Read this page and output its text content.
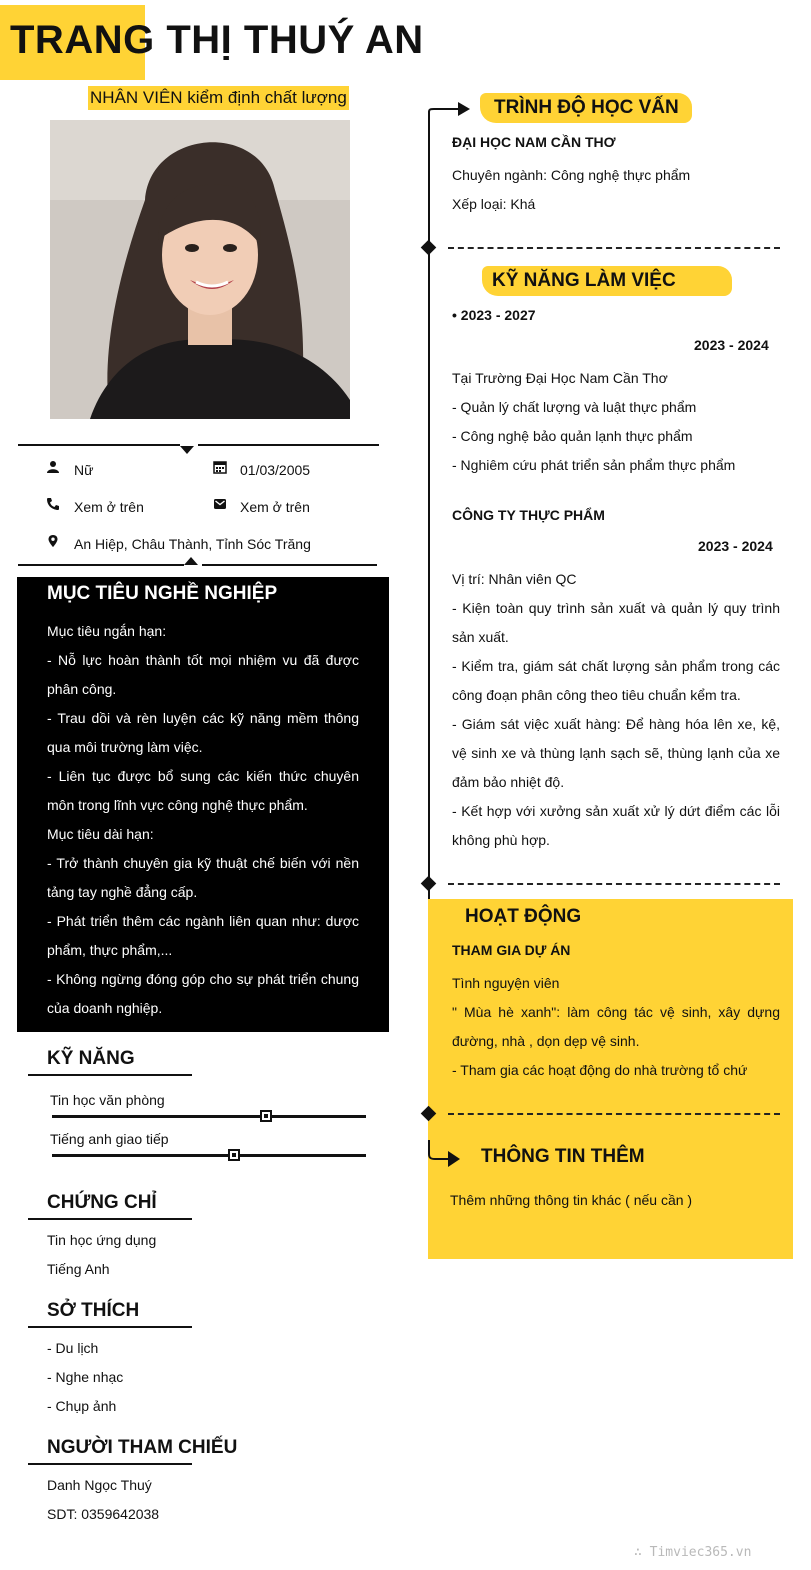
TRANG THỊ THUÝ AN
NHÂN VIÊN kiểm định chất lượng
Nữ	01/03/2005
Xem ở trên	Xem ở trên
An Hiệp, Châu Thành, Tỉnh Sóc Trăng
MỤC TIÊU NGHỀ NGHIỆP
Mục tiêu ngắn hạn:
- Nỗ lực hoàn thành tốt mọi nhiệm vu đã được phân công.
- Trau dồi và rèn luyện các kỹ năng mềm thông qua môi trường làm việc.
- Liên tục được bổ sung các kiến thức chuyên môn trong lĩnh vực công nghệ thực phẩm.
Mục tiêu dài hạn:
- Trở thành chuyên gia kỹ thuật chế biến với nền tảng tay nghề đẳng cấp.
- Phát triển thêm các ngành liên quan như: dược phẩm, thực phẩm,...
- Không ngừng đóng góp cho sự phát triển chung của doanh nghiệp.
KỸ NĂNG
Tin học văn phòng
Tiếng anh giao tiếp
CHỨNG CHỈ
Tin học ứng dụng
Tiếng Anh
SỞ THÍCH
- Du lịch
- Nghe nhạc
- Chụp ảnh
NGƯỜI THAM CHIẾU
Danh Ngọc Thuý
SDT: 0359642038
TRÌNH ĐỘ HỌC VẤN
ĐẠI HỌC NAM CẦN THƠ
Chuyên ngành: Công nghệ thực phẩm
Xếp loại: Khá
KỸ NĂNG LÀM VIỆC
• 2023 - 2027
2023 - 2024
Tại Trường Đại Học Nam Cần Thơ
- Quản lý chất lượng và luật thực phẩm
- Công nghệ bảo quản lạnh thực phẩm
- Nghiêm cứu phát triển sản phẩm thực phẩm
CÔNG TY THỰC PHẨM
2023 - 2024
Vị trí: Nhân viên QC
- Kiện toàn quy trình sản xuất và quản lý quy trình sản xuất.
- Kiểm tra, giám sát chất lượng sản phẩm trong các công đoạn phân công theo tiêu chuẩn kểm tra.
- Giám sát việc xuất hàng: Để hàng hóa lên xe, kệ, vệ sinh xe và thùng lạnh sạch sẽ, thùng lạnh của xe đảm bảo nhiệt độ.
- Kết hợp với xưởng sản xuất xử lý dứt điểm các lỗi không phù hợp.
HOẠT ĐỘNG
THAM GIA DỰ ÁN
Tình nguyện viên
" Mùa hè xanh": làm công tác vệ sinh, xây dựng đường, nhà , dọn dẹp vệ sinh.
- Tham gia các hoạt động do nhà trường tổ chứ
THÔNG TIN THÊM
Thêm những thông tin khác ( nếu cần )
∴ Timviec365.vn
